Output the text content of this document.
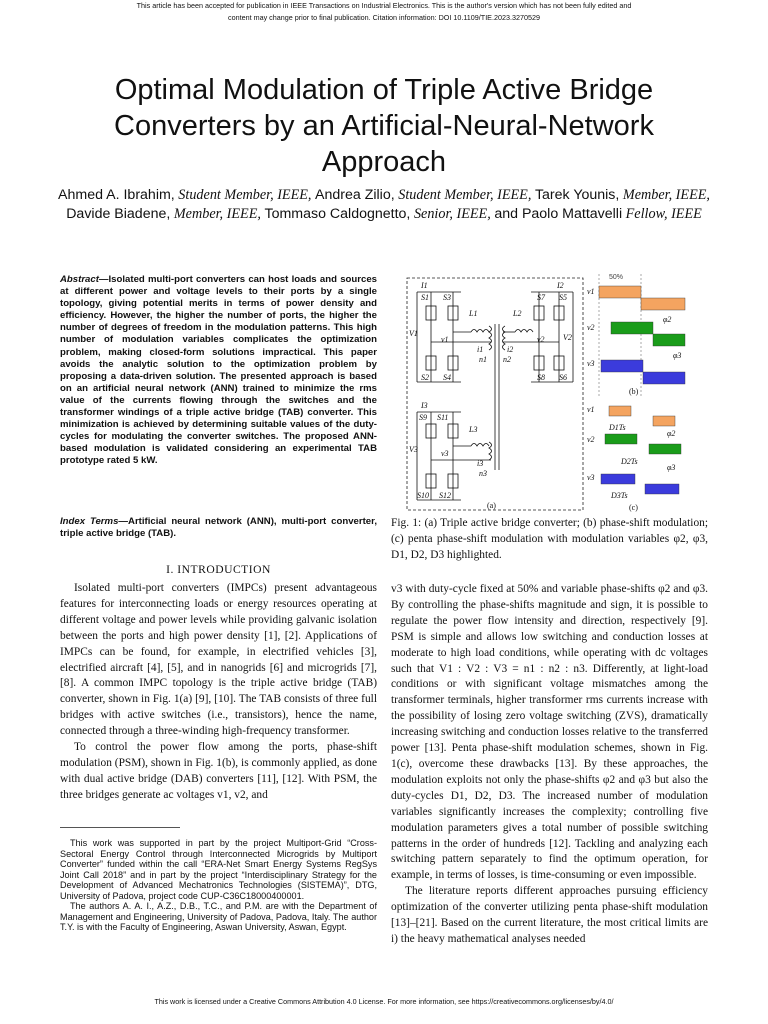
This article has been accepted for publication in IEEE Transactions on Industrial Electronics. This is the author's version which has not been fully edited and
content may change prior to final publication. Citation information: DOI 10.1109/TIE.2023.3270529
Optimal Modulation of Triple Active Bridge
Converters by an Artificial-Neural-Network
Approach
Ahmed A. Ibrahim, Student Member, IEEE, Andrea Zilio, Student Member, IEEE, Tarek Younis, Member, IEEE,
Davide Biadene, Member, IEEE, Tommaso Caldognetto, Senior, IEEE, and Paolo Mattavelli Fellow, IEEE
Abstract—Isolated multi-port converters can host loads and sources at different power and voltage levels to their ports by a single topology, giving potential merits in terms of power density and efficiency. However, the higher the number of ports, the higher the number of degrees of freedom in the modulation patterns. This high number of modulation variables complicates the optimization problem, making closed-form solutions impractical. This paper avoids the analytic solution to the optimization problem by proposing a data-driven solution. The presented approach is based on an artificial neural network (ANN) trained to minimize the rms value of the currents flowing through the switches and the transformer windings of a triple active bridge (TAB) converter. This minimization is achieved by determining suitable values of the duty-cycles for modulating the converter switches. The proposed ANN-based modulation is validated considering an experimental TAB prototype rated 5 kW.
Index Terms—Artificial neural network (ANN), multi-port converter, triple active bridge (TAB).
I. INTRODUCTION

Isolated multi-port converters (IMPCs) present advantageous features for interconnecting loads or energy resources operating at different voltage and power levels while providing galvanic isolation between the ports and high power density [1], [2]. Applications of IMPCs can be found, for example, in electrified vehicles [3], electrified aircraft [4], [5], and in nanogrids [6] and microgrids [7], [8]. A common IMPC topology is the triple active bridge (TAB) converter, shown in Fig. 1(a) [9], [10]. The TAB consists of three full bridges with active switches (i.e., transistors), hence the name, connected through a three-winding high-frequency transformer.

To control the power flow among the ports, phase-shift modulation (PSM), shown in Fig. 1(b), is commonly applied, as done with dual active bridge (DAB) converters [11], [12]. With PSM, the three bridges generate ac voltages v1, v2, and

This work was supported in part by the project Multiport-Grid “Cross-Sectoral Energy Control through Interconnected Microgrids by Multiport Converter” funded within the call “ERA-Net Smart Energy Systems RegSys Joint Call 2018” and in part by the project “Interdisciplinary Strategy for the Development of Advanced Mechatronics Technologies (SISTEMA)”, DTG, University of Padova, project code CUP-C36C18000400001.

The authors A. A. I., A.Z., D.B., T.C., and P.M. are with the Department of Management and Engineering, University of Padova, Padova, Italy. The author T.Y. is with the Faculty of Engineering, Aswan University, Aswan, Egypt.

I1	I2
I3
S1 S3
S2 S4
S7 S5
S8 S6
S9 S11
S10 S12
L1	L2
L3
V1	V2
V3
v1	v2
v3
i1	i2
i3
n1 n2
n3
(a)
50%
v1
v2
v3
φ2
φ3
(b)
v1
v2
v3
D1Ts
D2Ts
D3Ts
φ2
φ3
(c)
Fig. 1: (a) Triple active bridge converter; (b) phase-shift modulation; (c) penta phase-shift modulation with modulation variables φ2, φ3, D1, D2, D3 highlighted.

v3 with duty-cycle fixed at 50% and variable phase-shifts φ2 and φ3. By controlling the phase-shifts magnitude and sign, it is possible to regulate the power flow intensity and direction, respectively [9]. PSM is simple and allows low switching and conduction losses at moderate to high load conditions, while operating with dc voltages such that V1 : V2 : V3 = n1 : n2 : n3. Differently, at light-load conditions or with significant voltage mismatches among the transformer terminals, higher transformer rms currents increase with the possibility of losing zero voltage switching (ZVS), dramatically increasing switching and conduction losses relative to the transferred power [13]. Penta phase-shift modulation schemes, shown in Fig. 1(c), overcome these drawbacks [13]. By these approaches, the modulation exploits not only the phase-shifts φ2 and φ3 but also the duty-cycles D1, D2, D3. The increased number of modulation variables significantly increases the complexity; controlling five modulation parameters gives a total number of possible switching patterns in the order of hundreds [12]. Tackling and analyzing each switching pattern separately to find the optimum operation, for example, in terms of losses, is time-consuming or even impossible.

The literature reports different approaches pursuing efficiency optimization of the converter utilizing penta phase-shift modulation [13]–[21]. Based on the current literature, the most critical limits are i) the heavy mathematical analyses needed

This work is licensed under a Creative Commons Attribution 4.0 License. For more information, see https://creativecommons.org/licenses/by/4.0/
